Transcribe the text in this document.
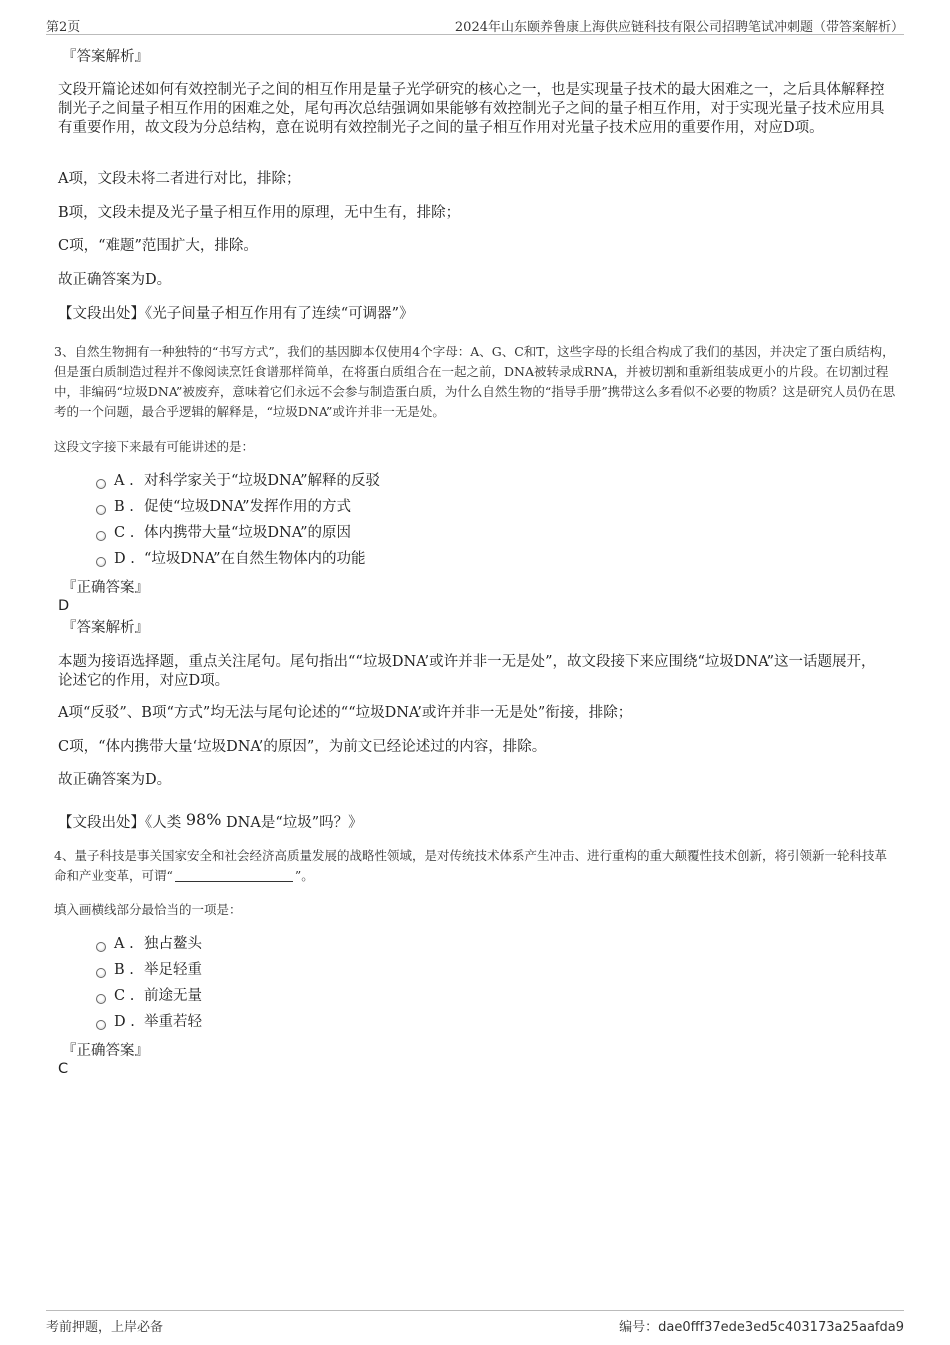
第2页	2024年山东颐养鲁康上海供应链科技有限公司招聘笔试冲刺题（带答案解析）
『答案解析』
文段开篇论述如何有效控制光子之间的相互作用是量子光学研究的核心之一，也是实现量子技术的最大困难之一，之后具体解释控制光子之间量子相互作用的困难之处，尾句再次总结强调如果能够有效控制光子之间的量子相互作用，对于实现光量子技术应用具有重要作用，故文段为分总结构，意在说明有效控制光子之间的量子相互作用对光量子技术应用的重要作用，对应D项。
A项，文段未将二者进行对比，排除；
B项，文段未提及光子量子相互作用的原理，无中生有，排除；
C项，“难题”范围扩大，排除。
故正确答案为D。
【文段出处】《光子间量子相互作用有了连续“可调器”》
3、自然生物拥有一种独特的“书写方式”，我们的基因脚本仅使用4个字母：A、G、C和T，这些字母的长组合构成了我们的基因，并决定了蛋白质结构，但是蛋白质制造过程并不像阅读烹饪食谱那样简单，在将蛋白质组合在一起之前，DNA被转录成RNA，并被切割和重新组装成更小的片段。在切割过程中，非编码“垃圾DNA”被废弃，意味着它们永远不会参与制造蛋白质，为什么自然生物的“指导手册”携带这么多看似不必要的物质？这是研究人员仍在思考的一个问题，最合乎逻辑的解释是，“垃圾DNA”或许并非一无是处。
这段文字接下来最有可能讲述的是：
A . 对科学家关于“垃圾DNA”解释的反驳
B . 促使“垃圾DNA”发挥作用的方式
C . 体内携带大量“垃圾DNA”的原因
D . “垃圾DNA”在自然生物体内的功能
『正确答案』
D
『答案解析』
本题为接语选择题，重点关注尾句。尾句指出““垃圾DNA’或许并非一无是处”，故文段接下来应围绕“垃圾DNA”这一话题展开，论述它的作用，对应D项。
A项“反驳”、B项“方式”均无法与尾句论述的““垃圾DNA’或许并非一无是处”衔接，排除；
C项，“体内携带大量‘垃圾DNA’的原因”，为前文已经论述过的内容，排除。
故正确答案为D。
【文段出处】《人类 98% DNA是“垃圾”吗？》
4、量子科技是事关国家安全和社会经济高质量发展的战略性领域，是对传统技术体系产生冲击、进行重构的重大颠覆性技术创新，将引领新一轮科技革命和产业变革，可谓“	”。
填入画横线部分最恰当的一项是：
A . 独占鳌头
B . 举足轻重
C . 前途无量
D . 举重若轻
『正确答案』
C
考前押题，上岸必备	编号：dae0fff37ede3ed5c403173a25aafda9
